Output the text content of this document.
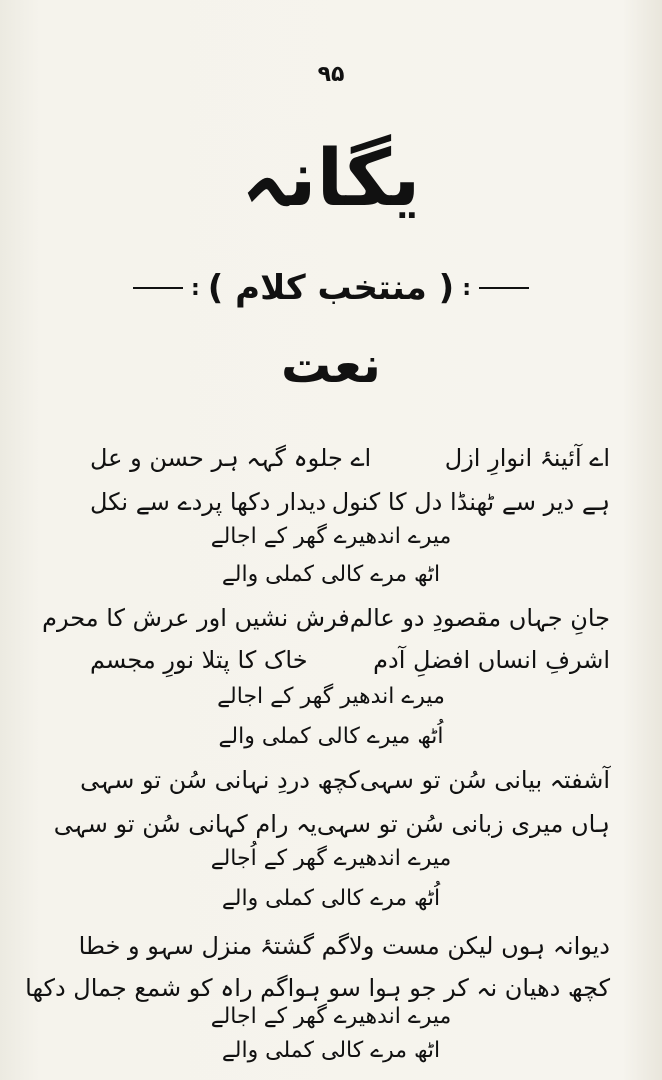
۹۵
یگانہ
:
( منتخب کلام )
:
نعت
اے آئینۂ انوارِ ازل
اے جلوہ گہہ ہر حسن و عل
ہے دیر سے ٹھنڈا دل کا کنول
دیدار دکھا پردے سے نکل
میرے اندھیرے گھر کے اجالے
اٹھ مرے کالی کملی والے
جانِ جہاں مقصودِ دو عالم
فرش نشیں اور عرش کا محرم
اشرفِ انساں افضلِ آدم
خاک کا پتلا نورِ مجسم
میرے اندھیر گھر کے اجالے
اُٹھ میرے کالی کملی والے
آشفتہ بیانی سُن تو سہی
کچھ دردِ نہانی سُن تو سہی
ہاں میری زبانی سُن تو سہی
یہ رام کہانی سُن تو سہی
میرے اندھیرے گھر کے اُجالے
اُٹھ مرے کالی کملی والے
دیوانہ ہوں لیکن مست ولا
گم گشتۂ منزل سہو و خطا
کچھ دھیان نہ کر جو ہوا سو ہوا
گم راہ کو شمع جمال دکھا
میرے اندھیرے گھر کے اجالے
اٹھ مرے کالی کملی والے
